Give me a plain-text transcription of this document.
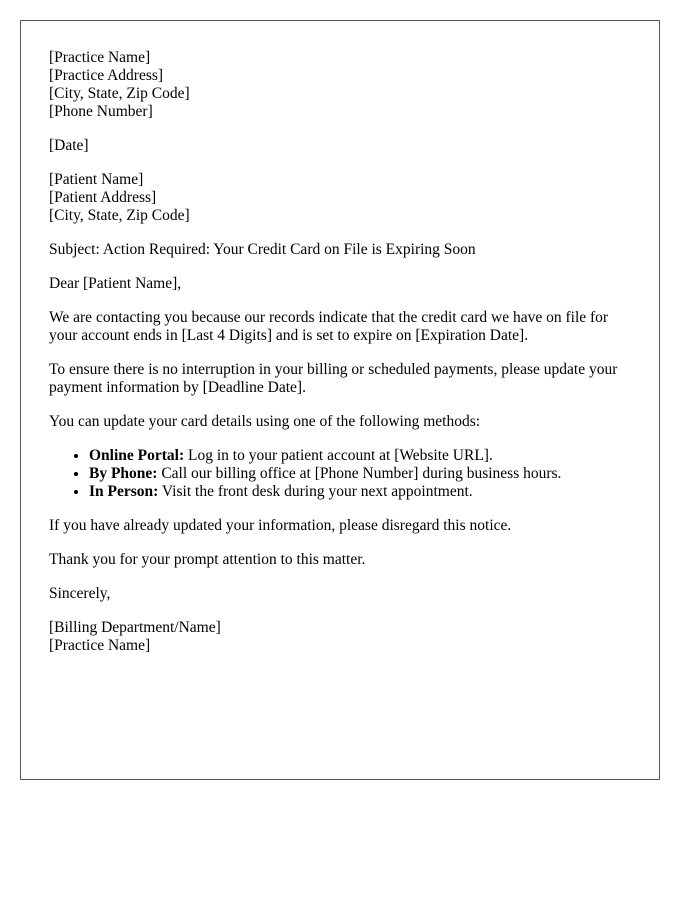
[Practice Name]
[Practice Address]
[City, State, Zip Code]
[Phone Number]

[Date]

[Patient Name]
[Patient Address]
[City, State, Zip Code]

Subject: Action Required: Your Credit Card on File is Expiring Soon

Dear [Patient Name],

We are contacting you because our records indicate that the credit card we have on file for your account ends in [Last 4 Digits] and is set to expire on [Expiration Date].

To ensure there is no interruption in your billing or scheduled payments, please update your payment information by [Deadline Date].

You can update your card details using one of the following methods:

• Online Portal: Log in to your patient account at [Website URL].
• By Phone: Call our billing office at [Phone Number] during business hours.
• In Person: Visit the front desk during your next appointment.

If you have already updated your information, please disregard this notice.

Thank you for your prompt attention to this matter.

Sincerely,

[Billing Department/Name]
[Practice Name]
